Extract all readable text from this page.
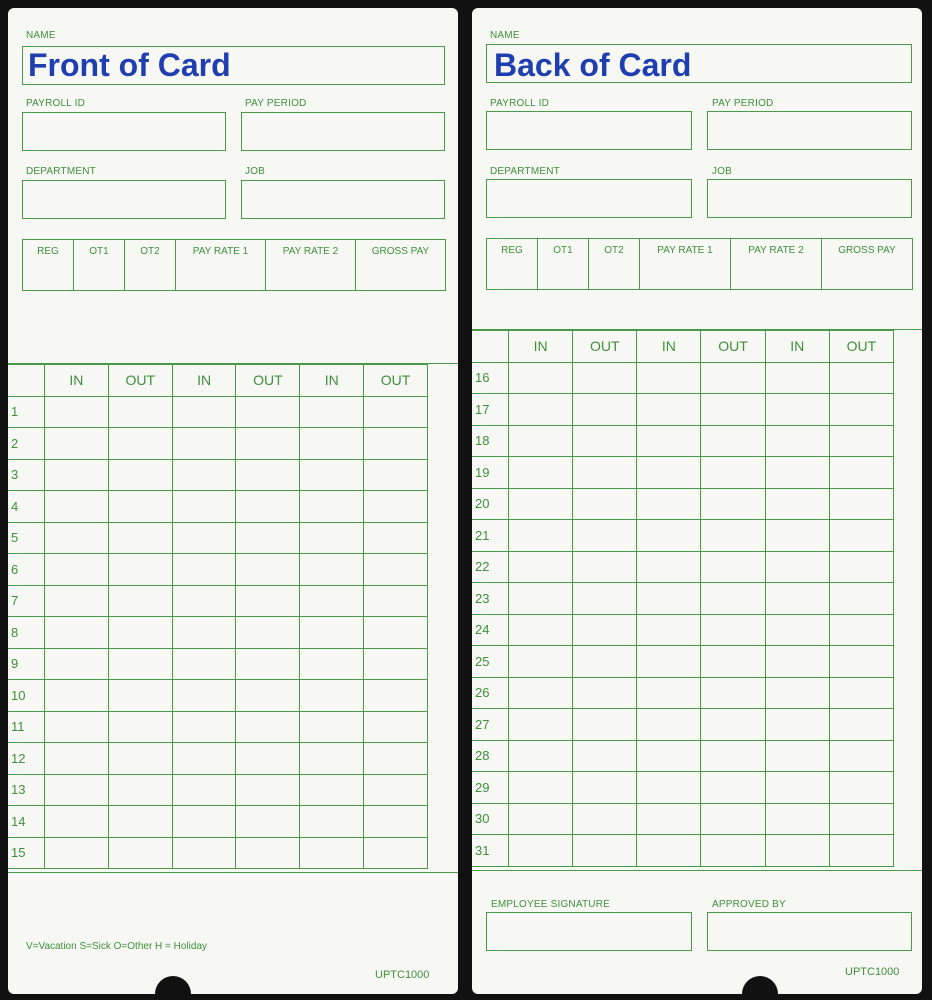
NAME
Front of Card
PAYROLL ID	PAY PERIOD
DEPARTMENT	JOB
REG	OT1	OT2	PAY RATE 1	PAY RATE 2	GROSS PAY
	IN	OUT	IN	OUT	IN	OUT
1						
2						
3						
4						
5						
6						
7						
8						
9						
10						
11						
12						
13						
14						
15						
V=Vacation S=Sick O=Other H = Holiday
UPTC1000
NAME
Back of Card
PAYROLL ID	PAY PERIOD
DEPARTMENT	JOB
REG	OT1	OT2	PAY RATE 1	PAY RATE 2	GROSS PAY
	IN	OUT	IN	OUT	IN	OUT
16						
17						
18						
19						
20						
21						
22						
23						
24						
25						
26						
27						
28						
29						
30						
31						
EMPLOYEE SIGNATURE	APPROVED BY
UPTC1000
